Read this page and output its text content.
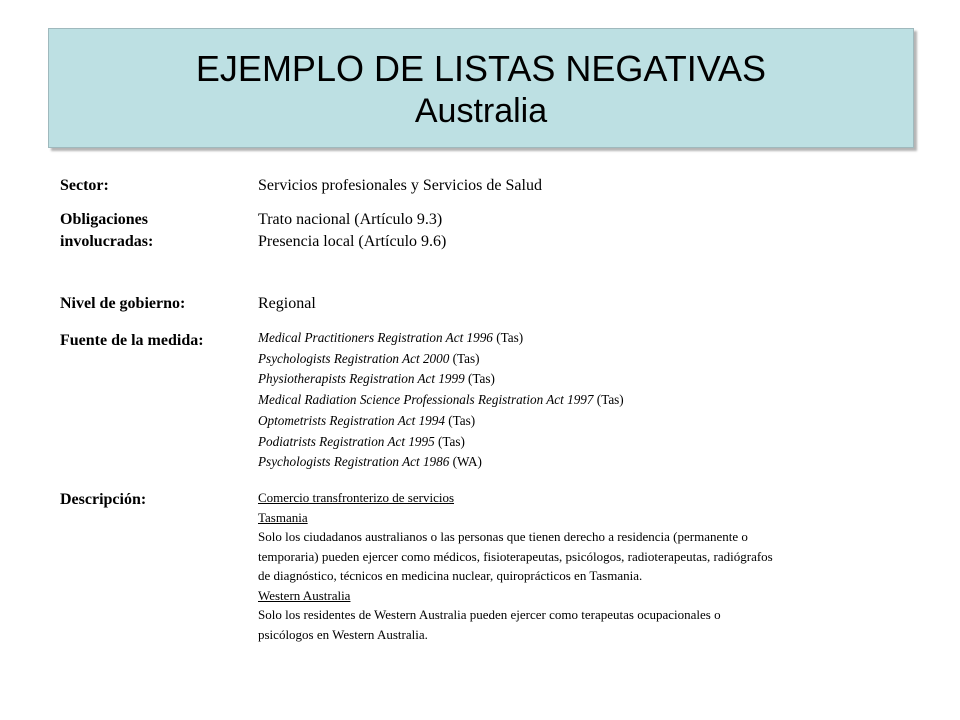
EJEMPLO DE LISTAS NEGATIVAS
Australia
Sector:	Servicios profesionales y Servicios de Salud
Obligaciones
involucradas:
Trato nacional (Artículo 9.3)
Presencia local (Artículo 9.6)
Nivel de gobierno:	Regional
Fuente de la medida:	Medical Practitioners Registration Act 1996 (Tas)
Psychologists Registration Act 2000 (Tas)
Physiotherapists Registration Act 1999 (Tas)
Medical Radiation Science Professionals Registration Act 1997 (Tas)
Optometrists Registration Act 1994 (Tas)
Podiatrists Registration Act 1995 (Tas)
Psychologists Registration Act 1986 (WA)
Descripción:	Comercio transfronterizo de servicios
Tasmania
Solo los ciudadanos australianos o las personas que tienen derecho a residencia (permanente o
temporaria) pueden ejercer como médicos, fisioterapeutas, psicólogos, radioterapeutas, radiógrafos
de diagnóstico, técnicos en medicina nuclear, quiroprácticos en Tasmania.
Western Australia
Solo los residentes de Western Australia pueden ejercer como terapeutas ocupacionales o
psicólogos en Western Australia.
